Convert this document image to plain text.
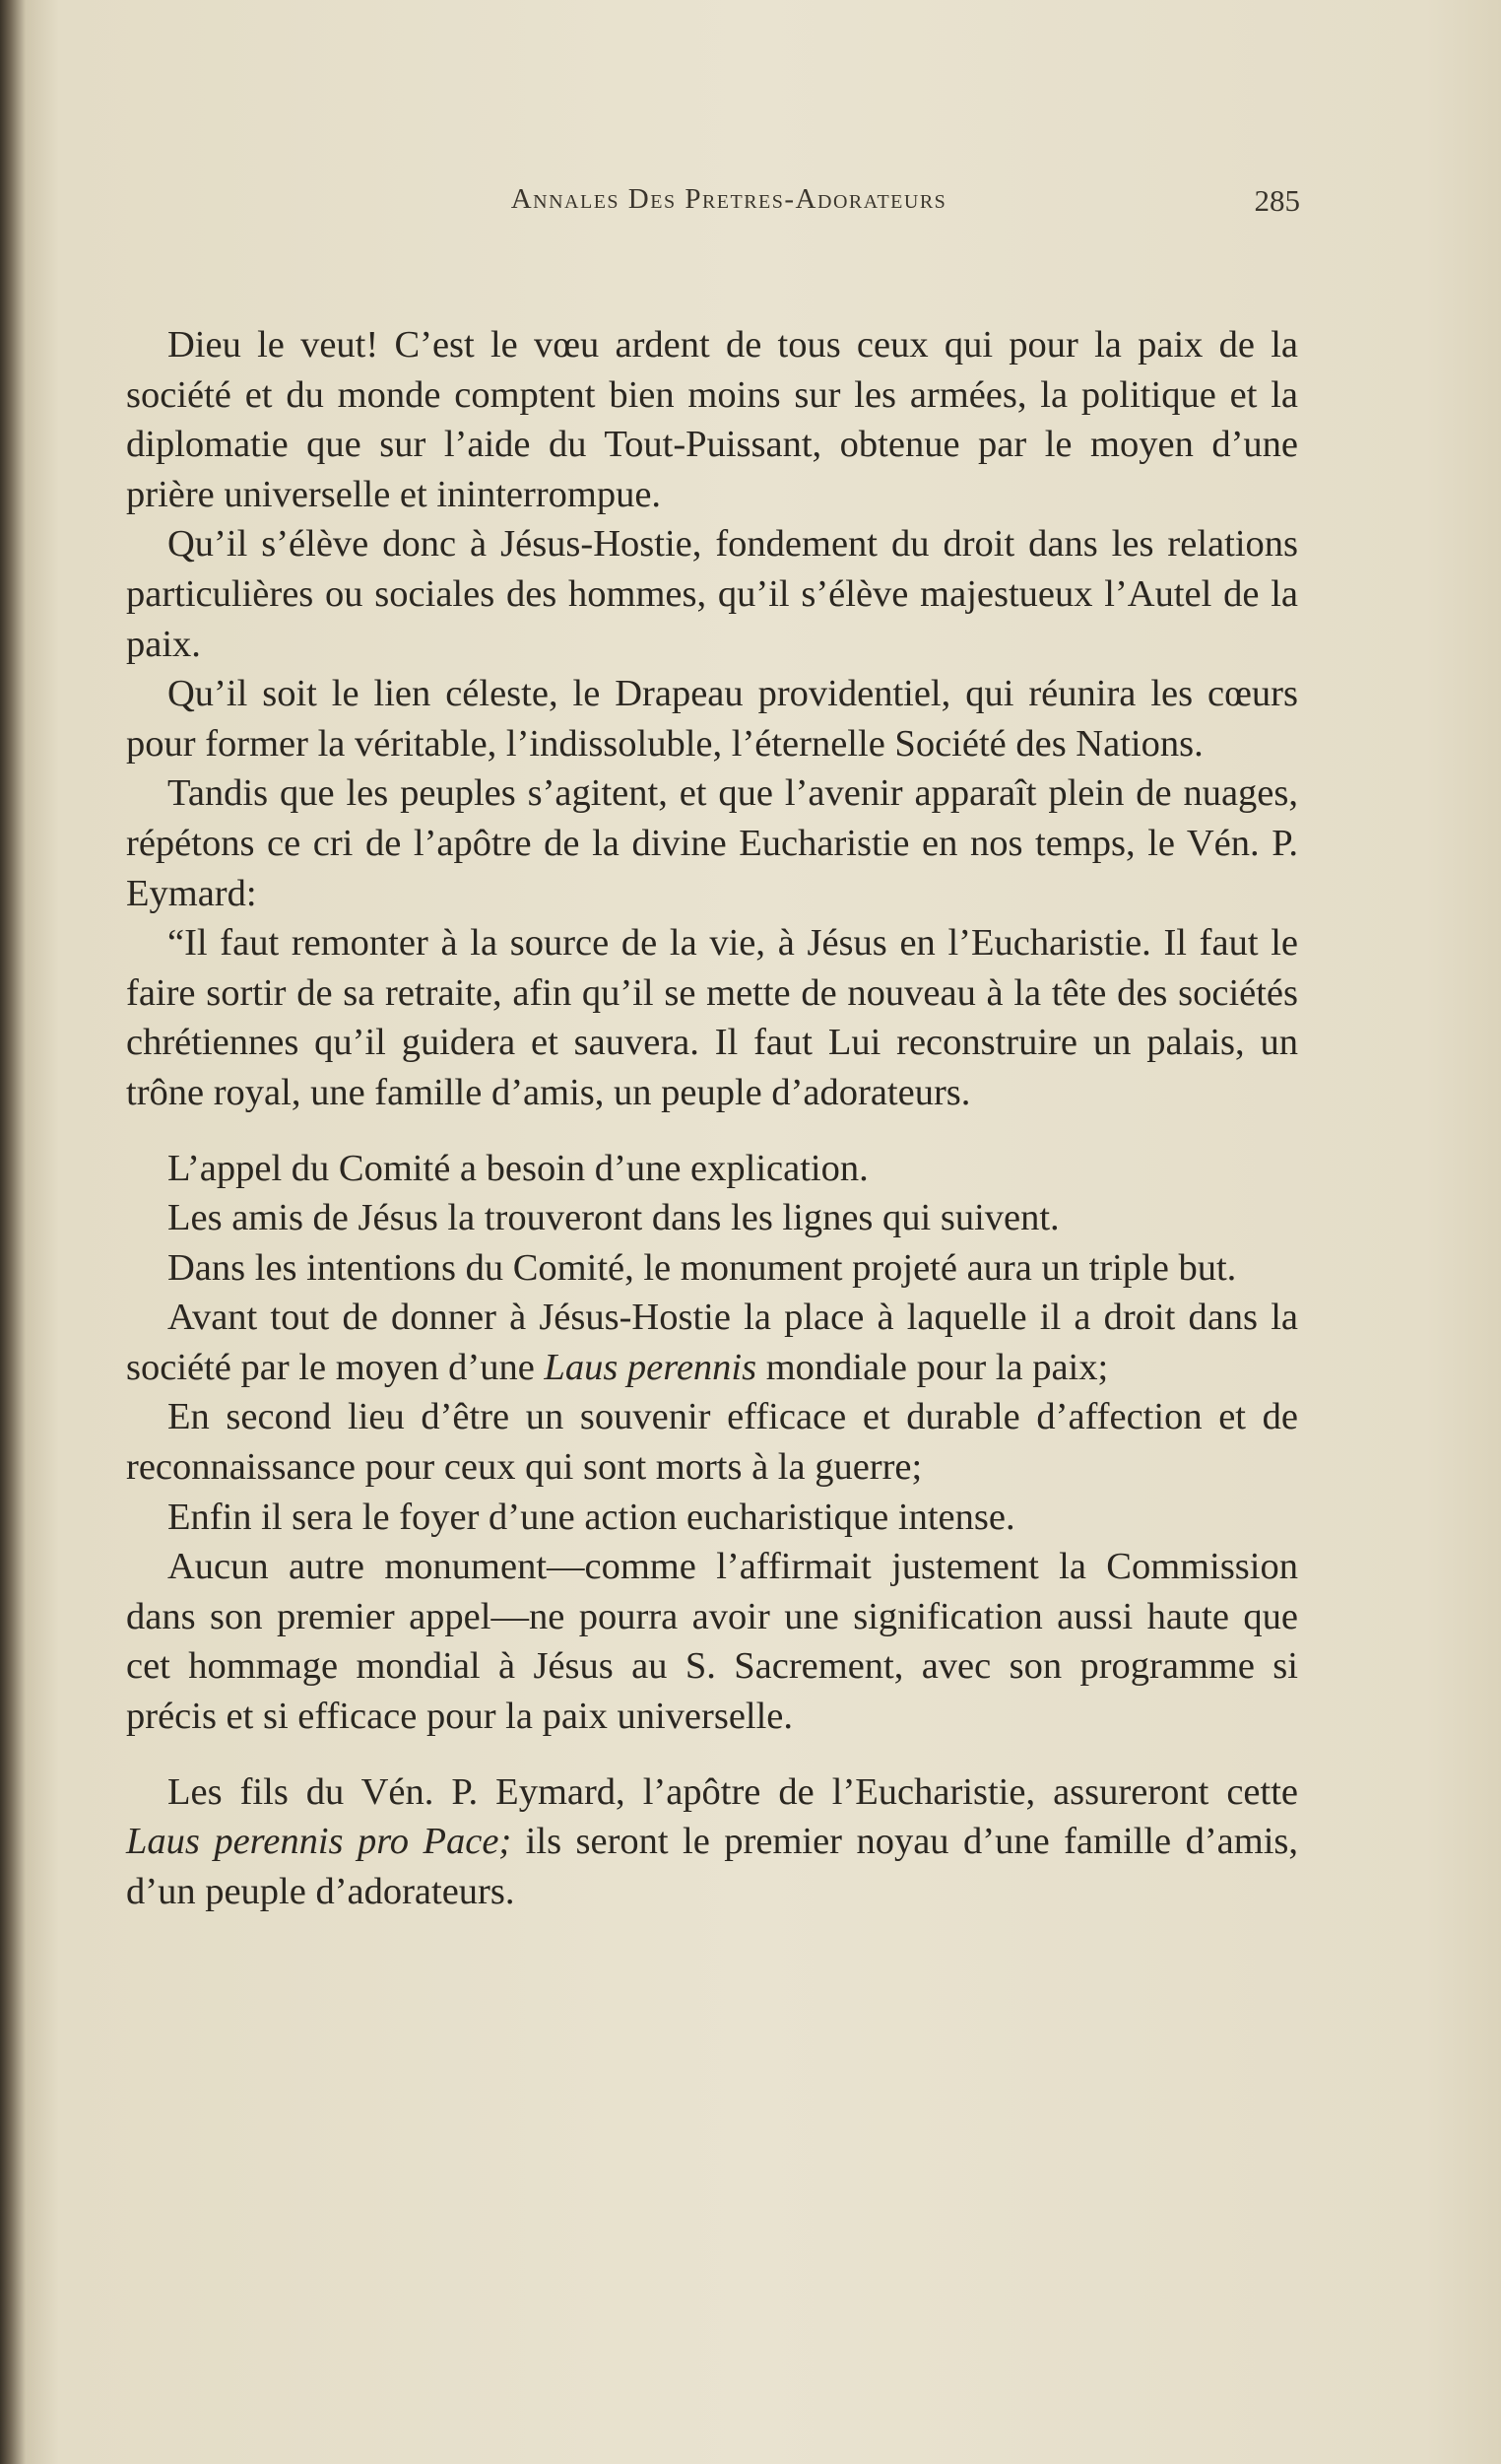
Annales Des Pretres-Adorateurs	285

Dieu le veut! C’est le vœu ardent de tous ceux qui pour la paix de la société et du monde comptent bien moins sur les armées, la politique et la diplomatie que sur l’aide du Tout-Puissant, obtenue par le moyen d’une prière universelle et ininterrompue.

Qu’il s’élève donc à Jésus-Hostie, fondement du droit dans les relations particulières ou sociales des hommes, qu’il s’élève majestueux l’Autel de la paix.

Qu’il soit le lien céleste, le Drapeau providentiel, qui réunira les cœurs pour former la véritable, l’indissoluble, l’éternelle Société des Nations.

Tandis que les peuples s’agitent, et que l’avenir apparaît plein de nuages, répétons ce cri de l’apôtre de la divine Eucharistie en nos temps, le Vén. P. Eymard:

“Il faut remonter à la source de la vie, à Jésus en l’Eucharistie. Il faut le faire sortir de sa retraite, afin qu’il se mette de nouveau à la tête des sociétés chrétiennes qu’il guidera et sauvera. Il faut Lui reconstruire un palais, un trône royal, une famille d’amis, un peuple d’adorateurs.

L’appel du Comité a besoin d’une explication.

Les amis de Jésus la trouveront dans les lignes qui suivent.

Dans les intentions du Comité, le monument projeté aura un triple but.

Avant tout de donner à Jésus-Hostie la place à laquelle il a droit dans la société par le moyen d’une Laus perennis mondiale pour la paix;

En second lieu d’être un souvenir efficace et durable d’affection et de reconnaissance pour ceux qui sont morts à la guerre;

Enfin il sera le foyer d’une action eucharistique intense.

Aucun autre monument—comme l’affirmait justement la Commission dans son premier appel—ne pourra avoir une signification aussi haute que cet hommage mondial à Jésus au S. Sacrement, avec son programme si précis et si efficace pour la paix universelle.

Les fils du Vén. P. Eymard, l’apôtre de l’Eucharistie, assureront cette Laus perennis pro Pace; ils seront le premier noyau d’une famille d’amis, d’un peuple d’adorateurs.
